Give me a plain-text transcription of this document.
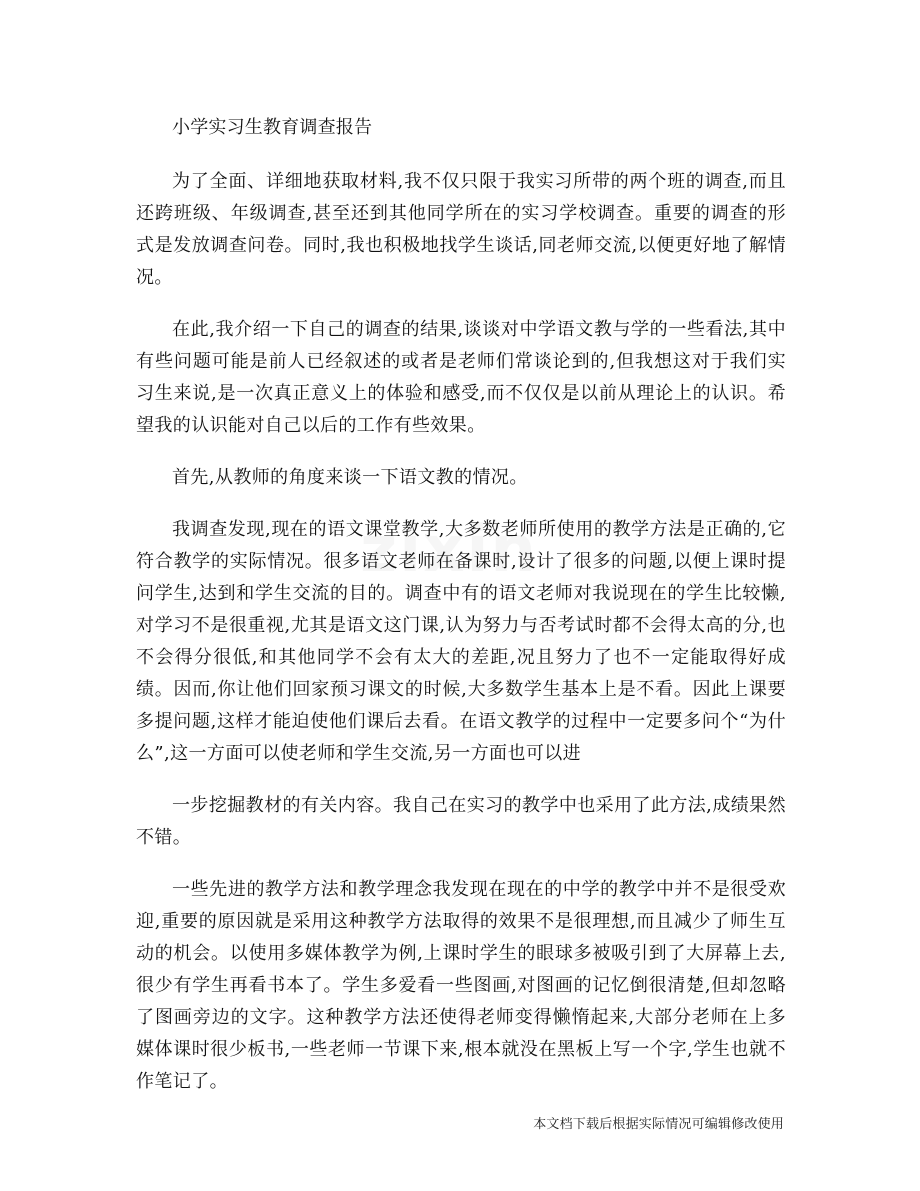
小学实习生教育调查报告

为了全面、详细地获取材料,我不仅只限于我实习所带的两个班的调查,而且还跨班级、年级调查,甚至还到其他同学所在的实习学校调查。重要的调查的形式是发放调查问卷。同时,我也积极地找学生谈话,同老师交流,以便更好地了解情况。

在此,我介绍一下自己的调查的结果,谈谈对中学语文教与学的一些看法,其中有些问题可能是前人已经叙述的或者是老师们常谈论到的,但我想这对于我们实习生来说,是一次真正意义上的体验和感受,而不仅仅是以前从理论上的认识。希望我的认识能对自己以后的工作有些效果。

首先,从教师的角度来谈一下语文教的情况。

我调查发现,现在的语文课堂教学,大多数老师所使用的教学方法是正确的,它符合教学的实际情况。很多语文老师在备课时,设计了很多的问题,以便上课时提问学生,达到和学生交流的目的。调查中有的语文老师对我说现在的学生比较懒,对学习不是很重视,尤其是语文这门课,认为努力与否考试时都不会得太高的分,也不会得分很低,和其他同学不会有太大的差距,况且努力了也不一定能取得好成绩。因而,你让他们回家预习课文的时候,大多数学生基本上是不看。因此上课要多提问题,这样才能迫使他们课后去看。在语文教学的过程中一定要多问个“为什么”,这一方面可以使老师和学生交流,另一方面也可以进

一步挖掘教材的有关内容。我自己在实习的教学中也采用了此方法,成绩果然不错。

一些先进的教学方法和教学理念我发现在现在的中学的教学中并不是很受欢迎,重要的原因就是采用这种教学方法取得的效果不是很理想,而且减少了师生互动的机会。以使用多媒体教学为例,上课时学生的眼球多被吸引到了大屏幕上去,很少有学生再看书本了。学生多爱看一些图画,对图画的记忆倒很清楚,但却忽略了图画旁边的文字。这种教学方法还使得老师变得懒惰起来,大部分老师在上多媒体课时很少板书,一些老师一节课下来,根本就没在黑板上写一个字,学生也就不作笔记了。

本文档下载后根据实际情况可编辑修改使用
